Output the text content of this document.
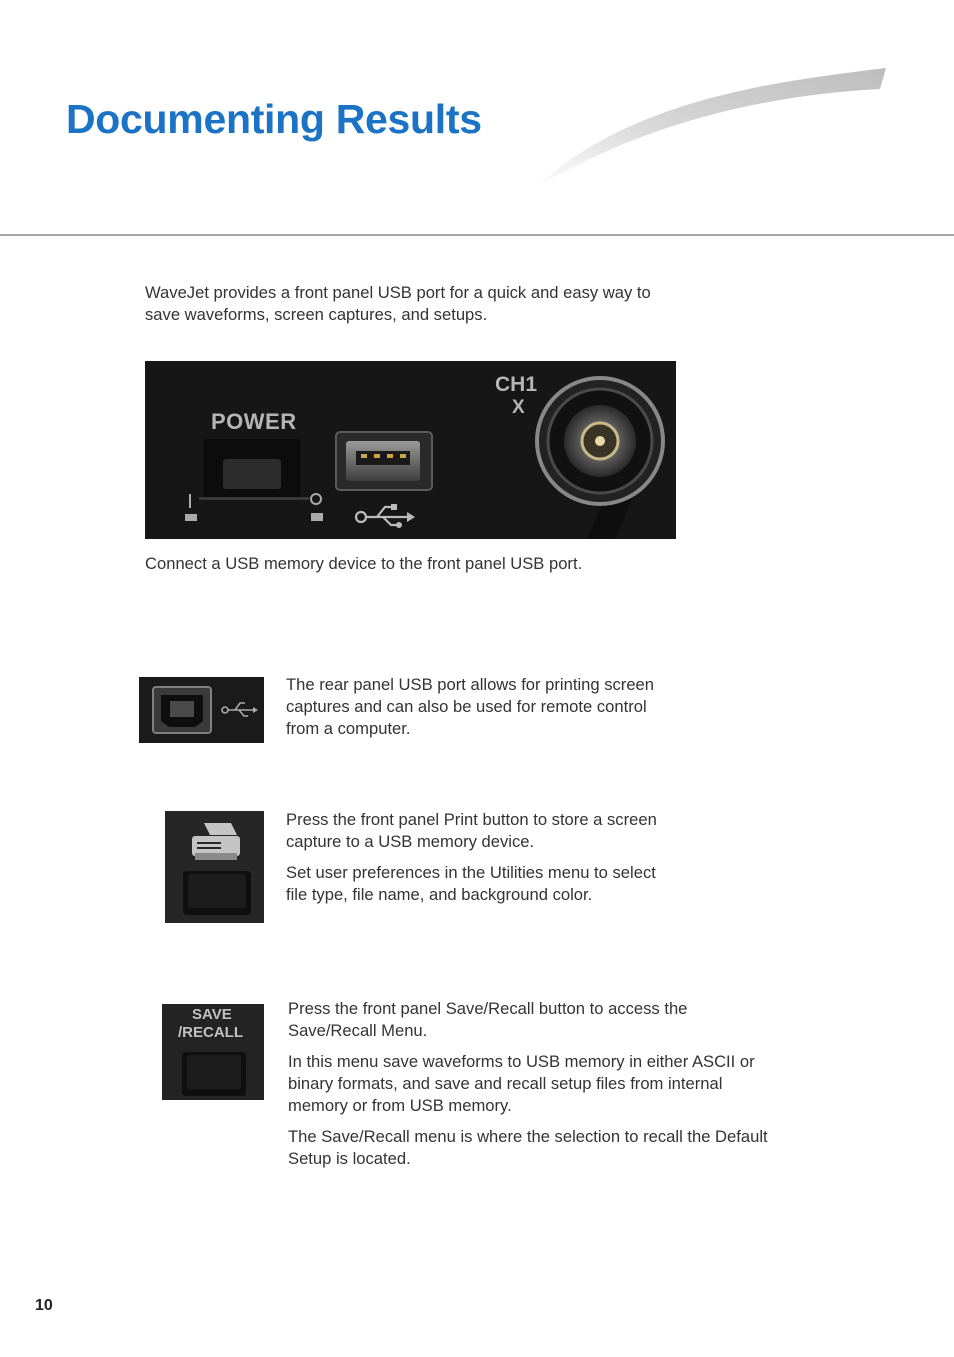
Documenting Results

WaveJet provides a front panel USB port for a quick and easy way to save waveforms, screen captures, and setups.

POWER
CH1
X
Connect a USB memory device to the front panel USB port.

The rear panel USB port allows for printing screen captures and can also be used for remote control from a computer.

Press the front panel Print button to store a screen capture to a USB memory device.

Set user preferences in the Utilities menu to select file type, file name, and background color.

SAVE
/RECALL

Press the front panel Save/Recall button to access the Save/Recall Menu.

In this menu save waveforms to USB memory in either ASCII or binary formats, and save and recall setup files from internal memory or from USB memory.

The Save/Recall menu is where the selection to recall the Default Setup is located.

10
